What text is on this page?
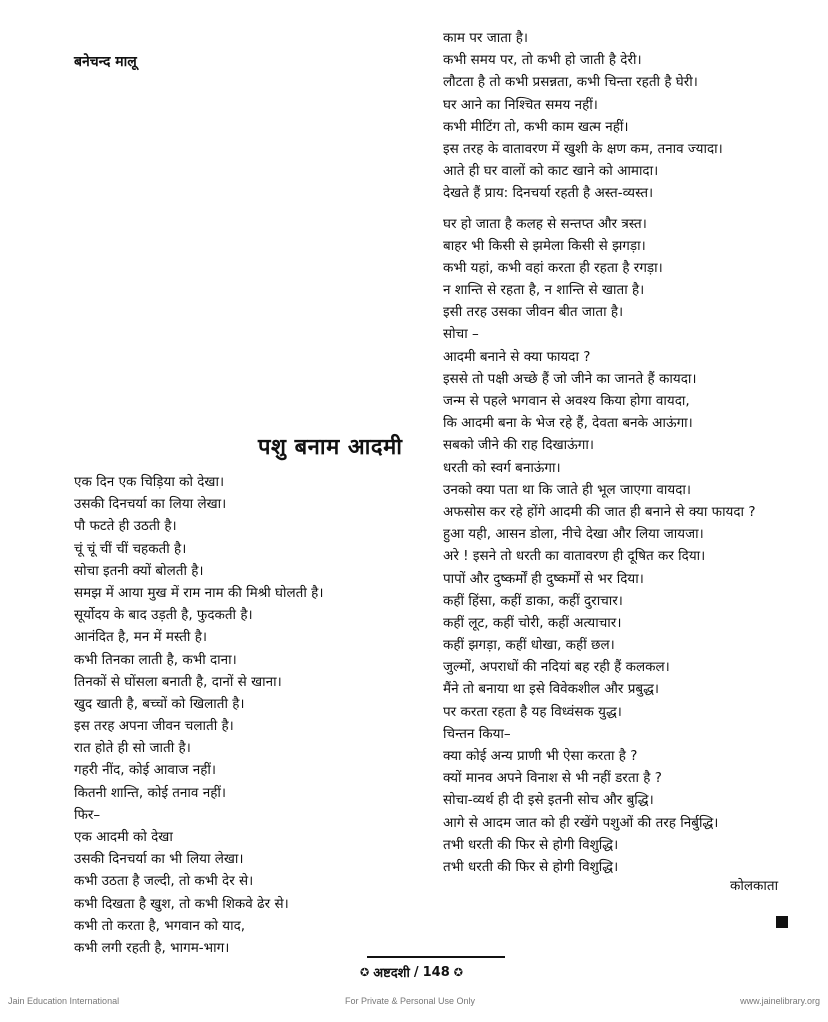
बनेचन्द मालू
काम पर जाता है।
कभी समय पर, तो कभी हो जाती है देरी।
लौटता है तो कभी प्रसन्नता, कभी चिन्ता रहती है घेरी।
घर आने का निश्चित समय नहीं।
कभी मीटिंग तो, कभी काम खत्म नहीं।
इस तरह के वातावरण में खुशी के क्षण कम, तनाव ज्यादा।
आते ही घर वालों को काट खाने को आमादा।
देखते हैं प्राय: दिनचर्या रहती है अस्त-व्यस्त।
घर हो जाता है कलह से सन्तप्त और त्रस्त।
बाहर भी किसी से झमेला किसी से झगड़ा।
कभी यहां, कभी वहां करता ही रहता है रगड़ा।
न शान्ति से रहता है, न शान्ति से खाता है।
इसी तरह उसका जीवन बीत जाता है।
सोचा –
आदमी बनाने से क्या फायदा ?
इससे तो पक्षी अच्छे हैं जो जीने का जानते हैं कायदा।
जन्म से पहले भगवान से अवश्य किया होगा वायदा,
कि आदमी बना के भेज रहे हैं, देवता बनके आऊंगा।
सबको जीने की राह दिखाऊंगा।
धरती को स्वर्ग बनाऊंगा।
उनको क्या पता था कि जाते ही भूल जाएगा वायदा।
अफसोस कर रहे होंगे आदमी की जात ही बनाने से क्या फायदा ?
हुआ यही, आसन डोला, नीचे देखा और लिया जायजा।
अरे ! इसने तो धरती का वातावरण ही दूषित कर दिया।
पापों और दुष्कर्मों ही दुष्कर्मों से भर दिया।
कहीं हिंसा, कहीं डाका, कहीं दुराचार।
कहीं लूट, कहीं चोरी, कहीं अत्याचार।
कहीं झगड़ा, कहीं धोखा, कहीं छल।
जुल्मों, अपराधों की नदियां बह रही हैं कलकल।
मैंने तो बनाया था इसे विवेकशील और प्रबुद्ध।
पर करता रहता है यह विध्वंसक युद्ध।
चिन्तन किया–
क्या कोई अन्य प्राणी भी ऐसा करता है ?
क्यों मानव अपने विनाश से भी नहीं डरता है ?
सोचा-व्यर्थ ही दी इसे इतनी सोच और बुद्धि।
आगे से आदम जात को ही रखेंगे पशुओं की तरह निर्बुद्धि।
तभी धरती की फिर से होगी विशुद्धि।
तभी धरती की फिर से होगी विशुद्धि।
पशु बनाम आदमी
एक दिन एक चिड़िया को देखा।
उसकी दिनचर्या का लिया लेखा।
पौ फटते ही उठती है।
चूं चूं चीं चीं चहकती है।
सोचा इतनी क्यों बोलती है।
समझ में आया मुख में राम नाम की मिश्री घोलती है।
सूर्योदय के बाद उड़ती है, फुदकती है।
आनंदित है, मन में मस्ती है।
कभी तिनका लाती है, कभी दाना।
तिनकों से घोंसला बनाती है, दानों से खाना।
खुद खाती है, बच्चों को खिलाती है।
इस तरह अपना जीवन चलाती है।
रात होते ही सो जाती है।
गहरी नींद, कोई आवाज नहीं।
कितनी शान्ति, कोई तनाव नहीं।
फिर–
एक आदमी को देखा
उसकी दिनचर्या का भी लिया लेखा।
कभी उठता है जल्दी, तो कभी देर से।
कभी दिखता है खुश, तो कभी शिकवे ढेर से।
कभी तो करता है, भगवान को याद,
कभी लगी रहती है, भागम-भाग।
कोलकाता
✪ अष्टदशी / 148 ✪
Jain Education International	For Private & Personal Use Only	www.jainelibrary.org
